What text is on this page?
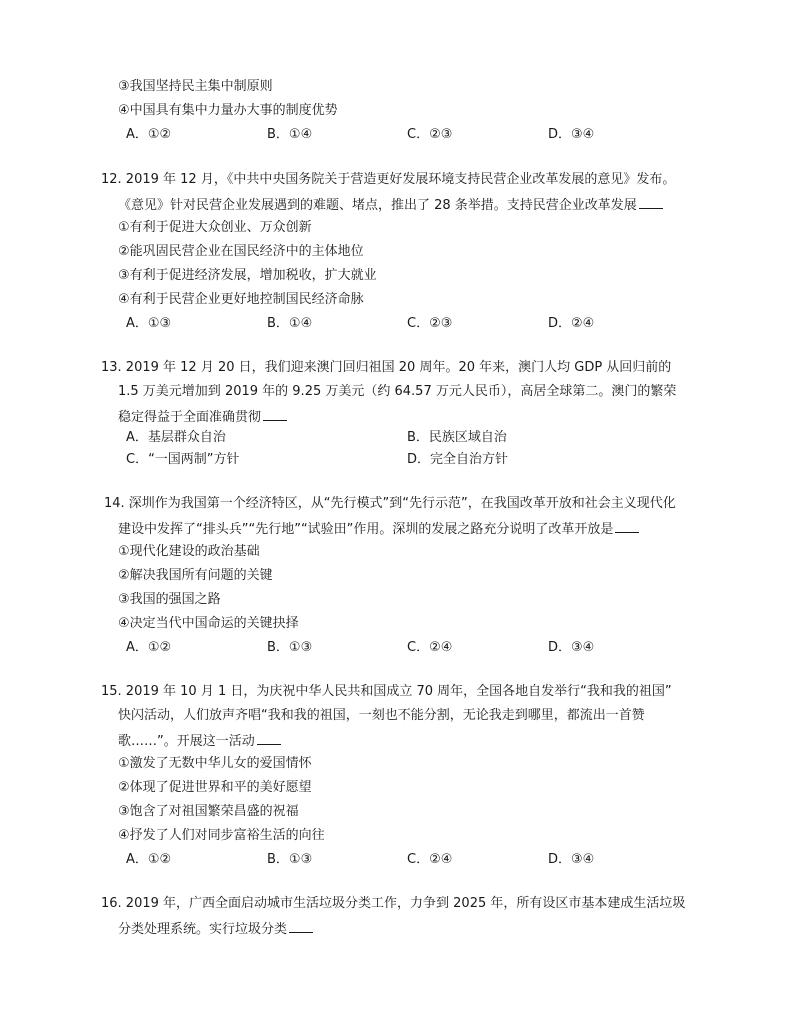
③我国坚持民主集中制原则
④中国具有集中力量办大事的制度优势
A．①②	B．①④	C．②③	D．③④
12. 2019 年 12 月，《中共中央国务院关于营造更好发展环境支持民营企业改革发展的意见》发布。
《意见》针对民营企业发展遇到的难题、堵点，推出了 28 条举措。支持民营企业改革发展
①有利于促进大众创业、万众创新
②能巩固民营企业在国民经济中的主体地位
③有利于促进经济发展，增加税收，扩大就业
④有利于民营企业更好地控制国民经济命脉
A．①③	B．①④	C．②③	D．②④
13. 2019 年 12 月 20 日，我们迎来澳门回归祖国 20 周年。20 年来，澳门人均 GDP 从回归前的
1.5 万美元增加到 2019 年的 9.25 万美元（约 64.57 万元人民币），高居全球第二。澳门的繁荣
稳定得益于全面准确贯彻
A．基层群众自治	B．民族区域自治
C．“一国两制”方针	D．完全自治方针
14. 深圳作为我国第一个经济特区，从“先行模式”到“先行示范”，在我国改革开放和社会主义现代化
建设中发挥了“排头兵”“先行地”“试验田”作用。深圳的发展之路充分说明了改革开放是
①现代化建设的政治基础
②解决我国所有问题的关键
③我国的强国之路
④决定当代中国命运的关键抉择
A．①②	B．①③	C．②④	D．③④
15. 2019 年 10 月 1 日，为庆祝中华人民共和国成立 70 周年，全国各地自发举行“我和我的祖国”
快闪活动，人们放声齐唱“我和我的祖国，一刻也不能分割，无论我走到哪里，都流出一首赞
歌……”。开展这一活动
①激发了无数中华儿女的爱国情怀
②体现了促进世界和平的美好愿望
③饱含了对祖国繁荣昌盛的祝福
④抒发了人们对同步富裕生活的向往
A．①②	B．①③	C．②④	D．③④
16. 2019 年，广西全面启动城市生活垃圾分类工作，力争到 2025 年，所有设区市基本建成生活垃圾
分类处理系统。实行垃圾分类
